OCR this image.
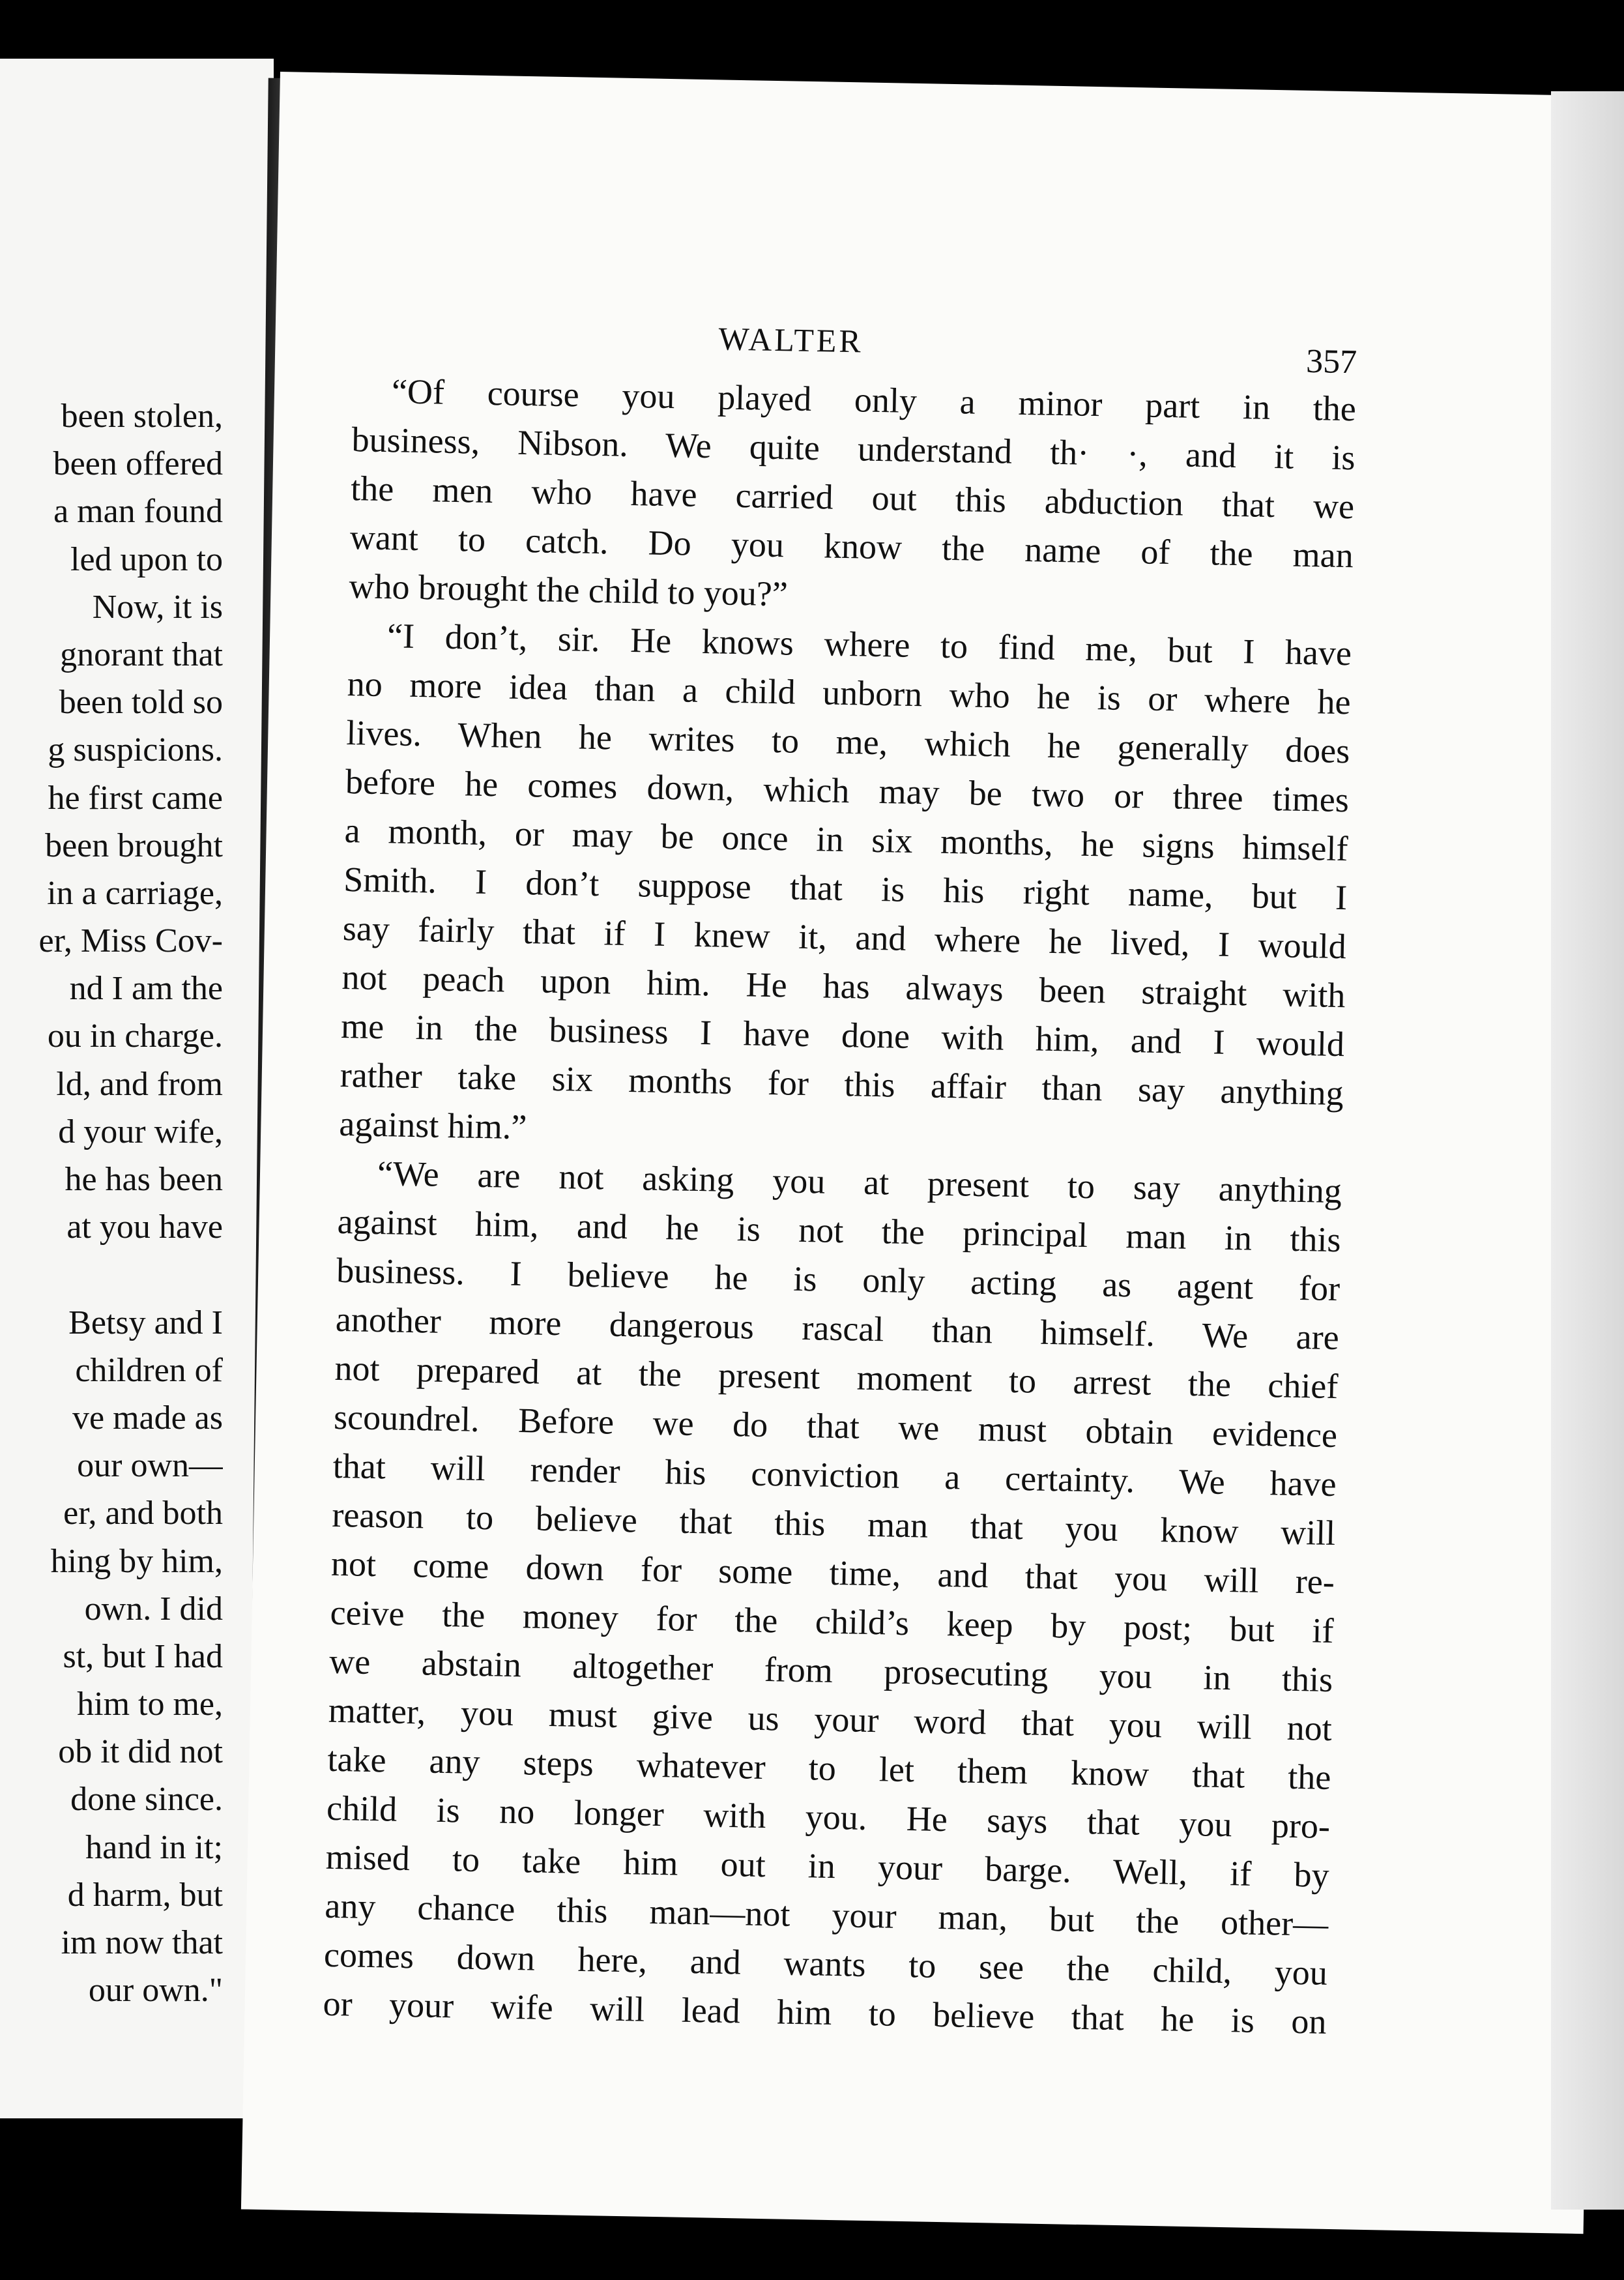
been stolen,
been offered
a man found
led upon to
Now, it is
gnorant that
been told so
g suspicions.
he first came
been brought
in a carriage,
er, Miss Cov-
nd I am the
ou in charge.
ld, and from
d your wife,
he has been
at you have
Betsy and I
children of
ve made as
our own—
er, and both
hing by him,
own. I did
st, but I had
him to me,
ob it did not
done since.
hand in it;
d harm, but
im now that
our own."
WALTER
357
“Of course you played only a minor part in the
business, Nibson. We quite understand th· ·, and it is
the men who have carried out this abduction that we
want to catch. Do you know the name of the man
who brought the child to you?”
“I don’t, sir. He knows where to find me, but I have
no more idea than a child unborn who he is or where he
lives. When he writes to me, which he generally does
before he comes down, which may be two or three times
a month, or may be once in six months, he signs himself
Smith. I don’t suppose that is his right name, but I
say fairly that if I knew it, and where he lived, I would
not peach upon him. He has always been straight with
me in the business I have done with him, and I would
rather take six months for this affair than say anything
against him.”
“We are not asking you at present to say anything
against him, and he is not the principal man in this
business. I believe he is only acting as agent for
another more dangerous rascal than himself. We are
not prepared at the present moment to arrest the chief
scoundrel. Before we do that we must obtain evidence
that will render his conviction a certainty. We have
reason to believe that this man that you know will
not come down for some time, and that you will re-
ceive the money for the child’s keep by post; but if
we abstain altogether from prosecuting you in this
matter, you must give us your word that you will not
take any steps whatever to let them know that the
child is no longer with you. He says that you pro-
mised to take him out in your barge. Well, if by
any chance this man—not your man, but the other—
comes down here, and wants to see the child, you
or your wife will lead him to believe that he is on
